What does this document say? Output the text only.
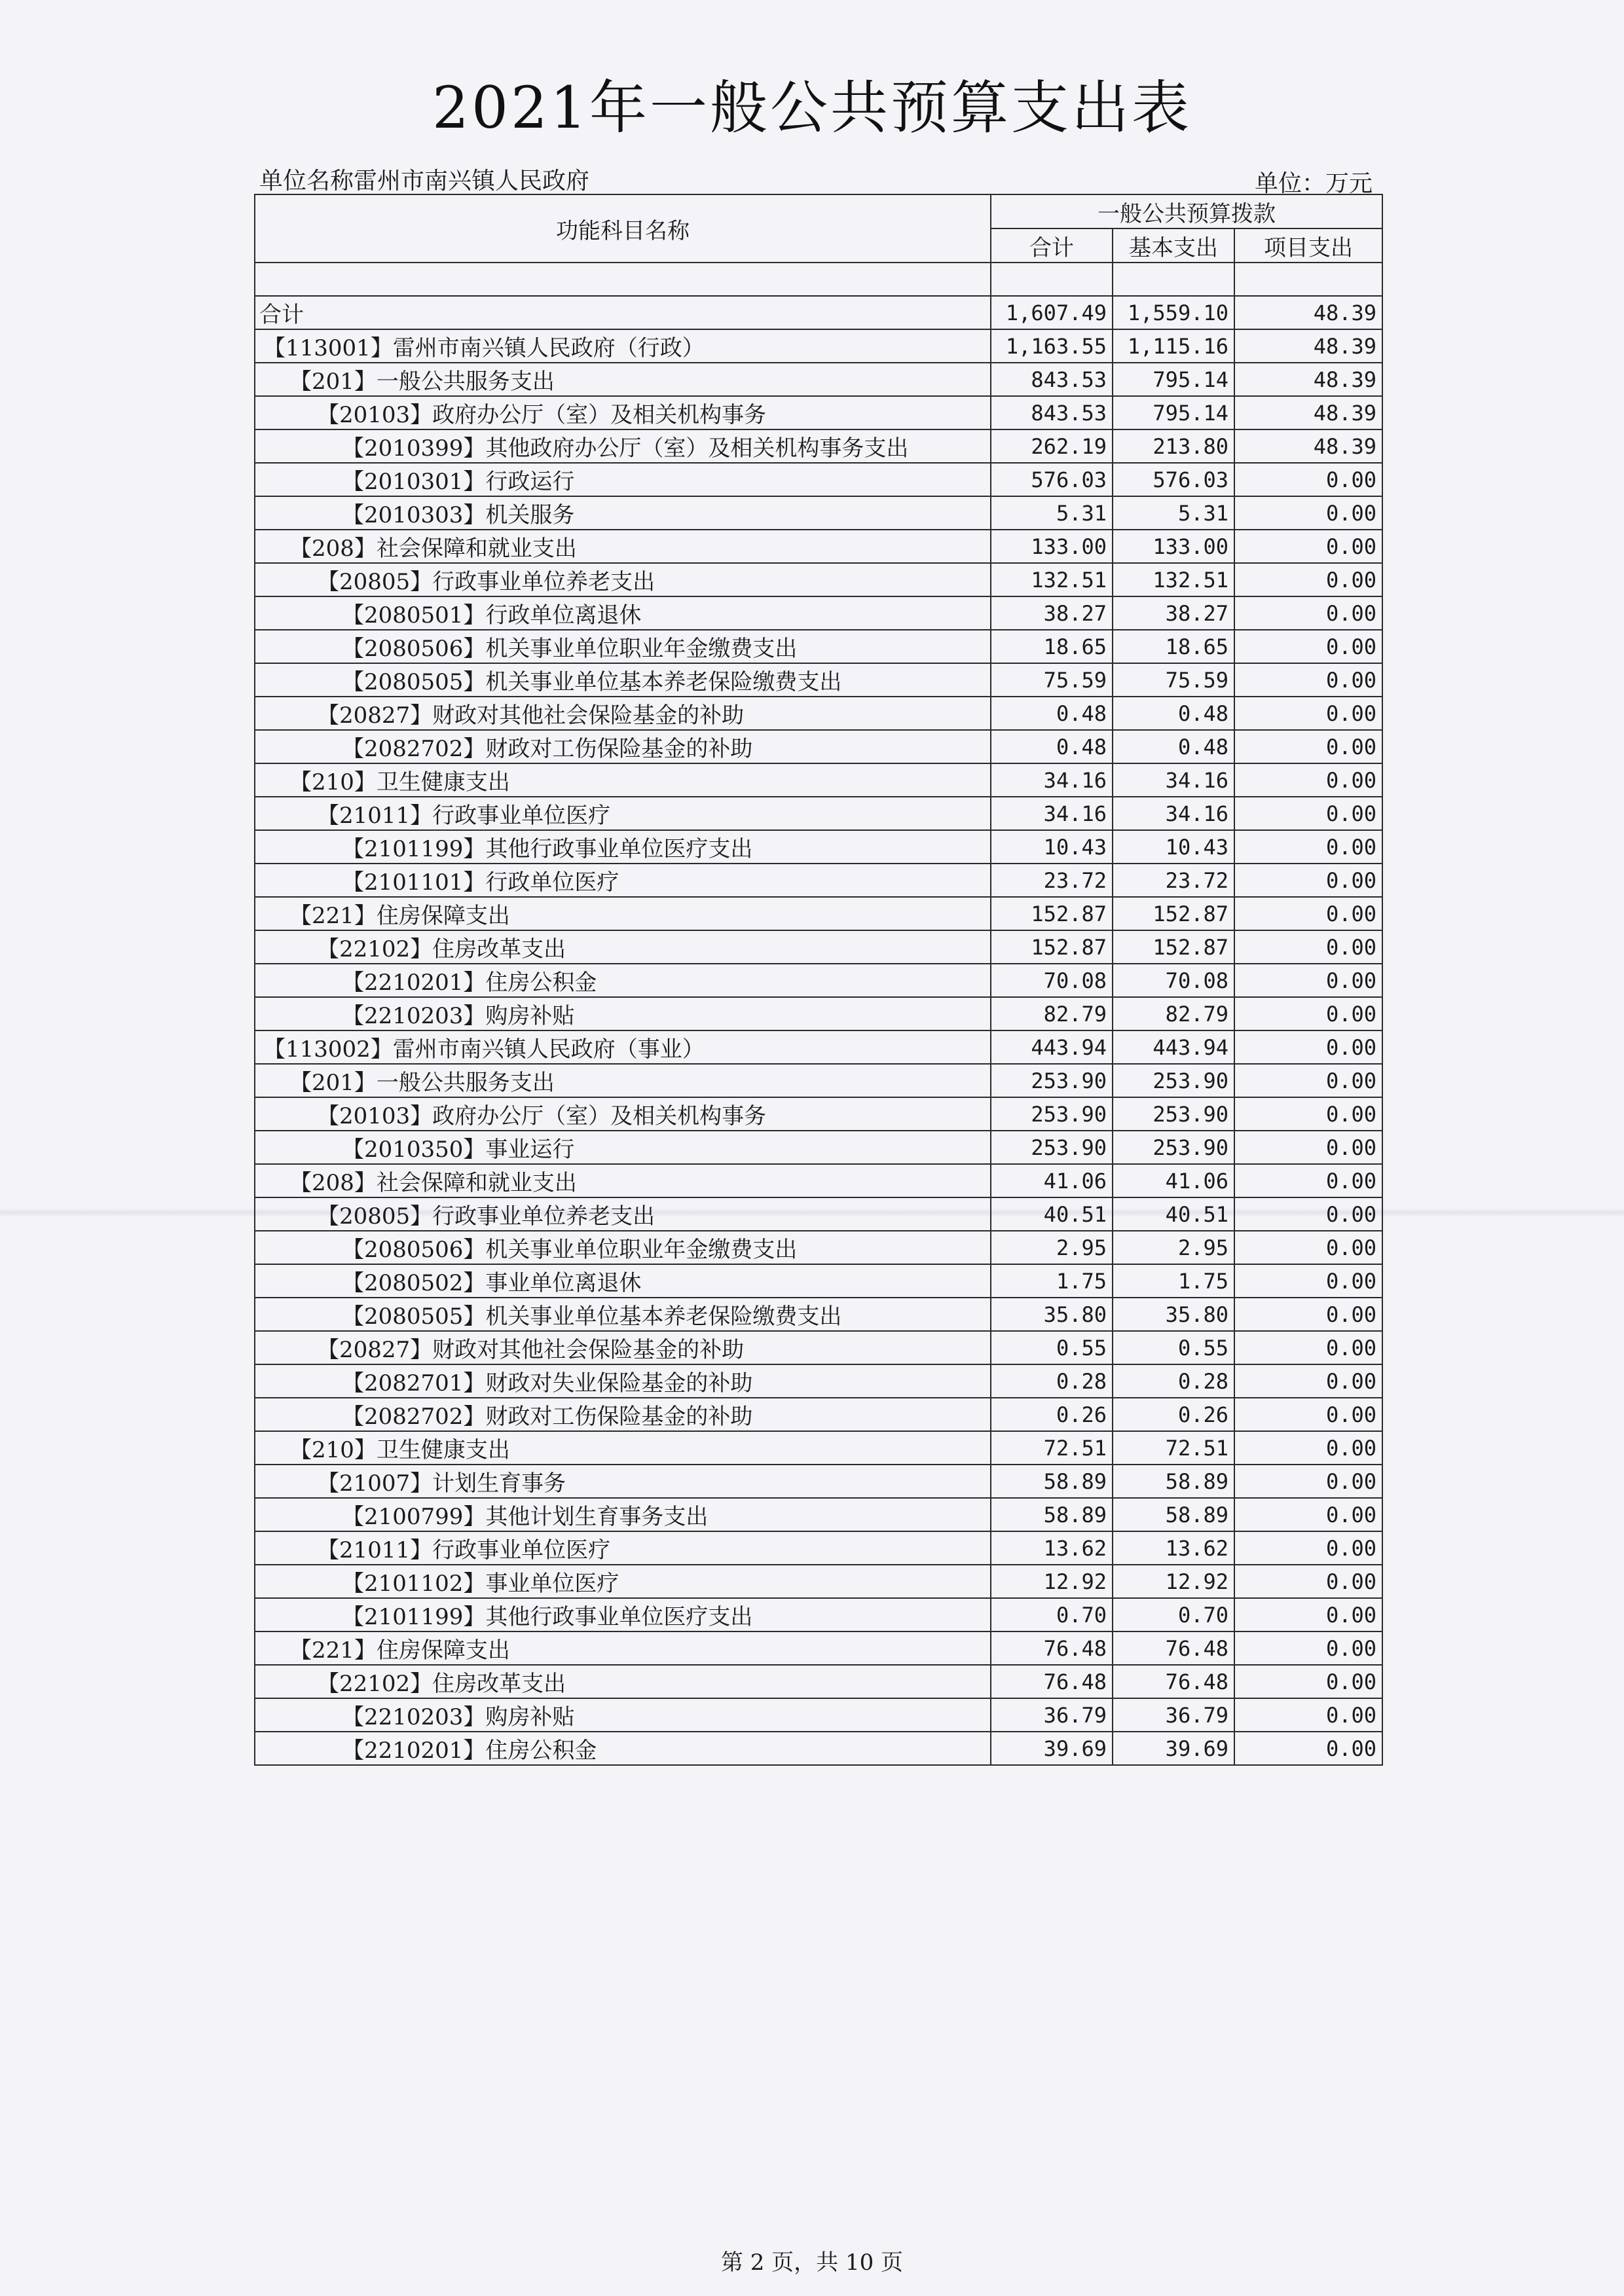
2021年一般公共预算支出表
单位名称雷州市南兴镇人民政府	单位：万元
功能科目名称	一般公共预算拨款		
	合计	基本支出	项目支出

合计	1,607.49	1,559.10	48.39
【113001】雷州市南兴镇人民政府（行政）	1,163.55	1,115.16	48.39
【201】一般公共服务支出	843.53	795.14	48.39
【20103】政府办公厅（室）及相关机构事务	843.53	795.14	48.39
【2010399】其他政府办公厅（室）及相关机构事务支出	262.19	213.80	48.39
【2010301】行政运行	576.03	576.03	0.00
【2010303】机关服务	5.31	5.31	0.00
【208】社会保障和就业支出	133.00	133.00	0.00
【20805】行政事业单位养老支出	132.51	132.51	0.00
【2080501】行政单位离退休	38.27	38.27	0.00
【2080506】机关事业单位职业年金缴费支出	18.65	18.65	0.00
【2080505】机关事业单位基本养老保险缴费支出	75.59	75.59	0.00
【20827】财政对其他社会保险基金的补助	0.48	0.48	0.00
【2082702】财政对工伤保险基金的补助	0.48	0.48	0.00
【210】卫生健康支出	34.16	34.16	0.00
【21011】行政事业单位医疗	34.16	34.16	0.00
【2101199】其他行政事业单位医疗支出	10.43	10.43	0.00
【2101101】行政单位医疗	23.72	23.72	0.00
【221】住房保障支出	152.87	152.87	0.00
【22102】住房改革支出	152.87	152.87	0.00
【2210201】住房公积金	70.08	70.08	0.00
【2210203】购房补贴	82.79	82.79	0.00
【113002】雷州市南兴镇人民政府（事业）	443.94	443.94	0.00
【201】一般公共服务支出	253.90	253.90	0.00
【20103】政府办公厅（室）及相关机构事务	253.90	253.90	0.00
【2010350】事业运行	253.90	253.90	0.00
【208】社会保障和就业支出	41.06	41.06	0.00
【20805】行政事业单位养老支出	40.51	40.51	0.00
【2080506】机关事业单位职业年金缴费支出	2.95	2.95	0.00
【2080502】事业单位离退休	1.75	1.75	0.00
【2080505】机关事业单位基本养老保险缴费支出	35.80	35.80	0.00
【20827】财政对其他社会保险基金的补助	0.55	0.55	0.00
【2082701】财政对失业保险基金的补助	0.28	0.28	0.00
【2082702】财政对工伤保险基金的补助	0.26	0.26	0.00
【210】卫生健康支出	72.51	72.51	0.00
【21007】计划生育事务	58.89	58.89	0.00
【2100799】其他计划生育事务支出	58.89	58.89	0.00
【21011】行政事业单位医疗	13.62	13.62	0.00
【2101102】事业单位医疗	12.92	12.92	0.00
【2101199】其他行政事业单位医疗支出	0.70	0.70	0.00
【221】住房保障支出	76.48	76.48	0.00
【22102】住房改革支出	76.48	76.48	0.00
【2210203】购房补贴	36.79	36.79	0.00
【2210201】住房公积金	39.69	39.69	0.00
第 2 页，共 10 页
